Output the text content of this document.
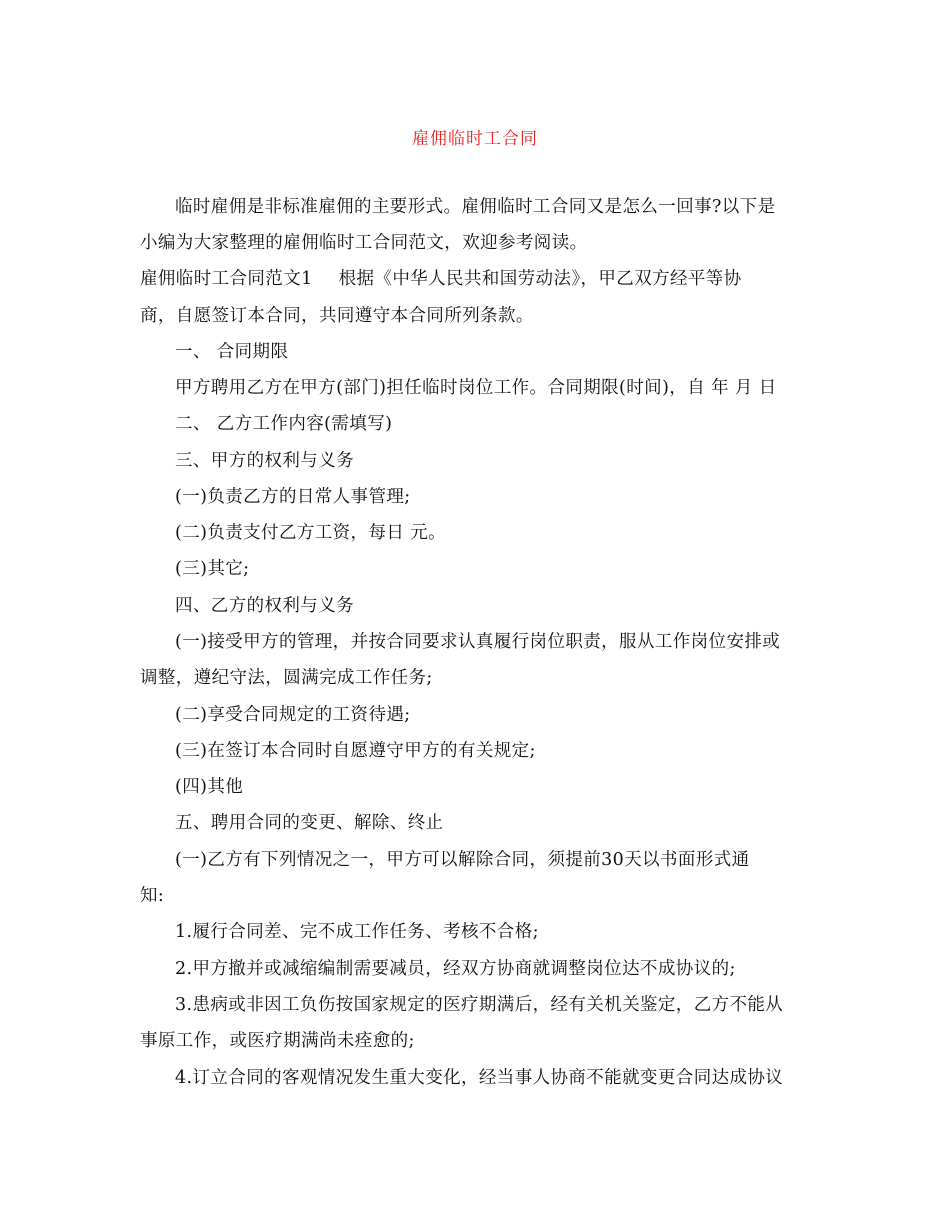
雇佣临时工合同
临时雇佣是非标准雇佣的主要形式。雇佣临时工合同又是怎么一回事?以下是
小编为大家整理的雇佣临时工合同范文，欢迎参考阅读。
雇佣临时工合同范文1 根据《中华人民共和国劳动法》，甲乙双方经平等协
商，自愿签订本合同，共同遵守本合同所列条款。
一、 合同期限
甲方聘用乙方在甲方(部门)担任临时岗位工作。合同期限(时间)，自 年 月 日
二、 乙方工作内容(需填写)
三、甲方的权利与义务
(一)负责乙方的日常人事管理;
(二)负责支付乙方工资，每日 元。
(三)其它;
四、乙方的权利与义务
(一)接受甲方的管理，并按合同要求认真履行岗位职责，服从工作岗位安排或
调整，遵纪守法，圆满完成工作任务;
(二)享受合同规定的工资待遇;
(三)在签订本合同时自愿遵守甲方的有关规定;
(四)其他
五、聘用合同的变更、解除、终止
(一)乙方有下列情况之一，甲方可以解除合同，须提前30天以书面形式通
知:
1.履行合同差、完不成工作任务、考核不合格;
2.甲方撤并或减缩编制需要减员，经双方协商就调整岗位达不成协议的;
3.患病或非因工负伤按国家规定的医疗期满后，经有关机关鉴定，乙方不能从
事原工作，或医疗期满尚未痊愈的;
4.订立合同的客观情况发生重大变化，经当事人协商不能就变更合同达成协议
